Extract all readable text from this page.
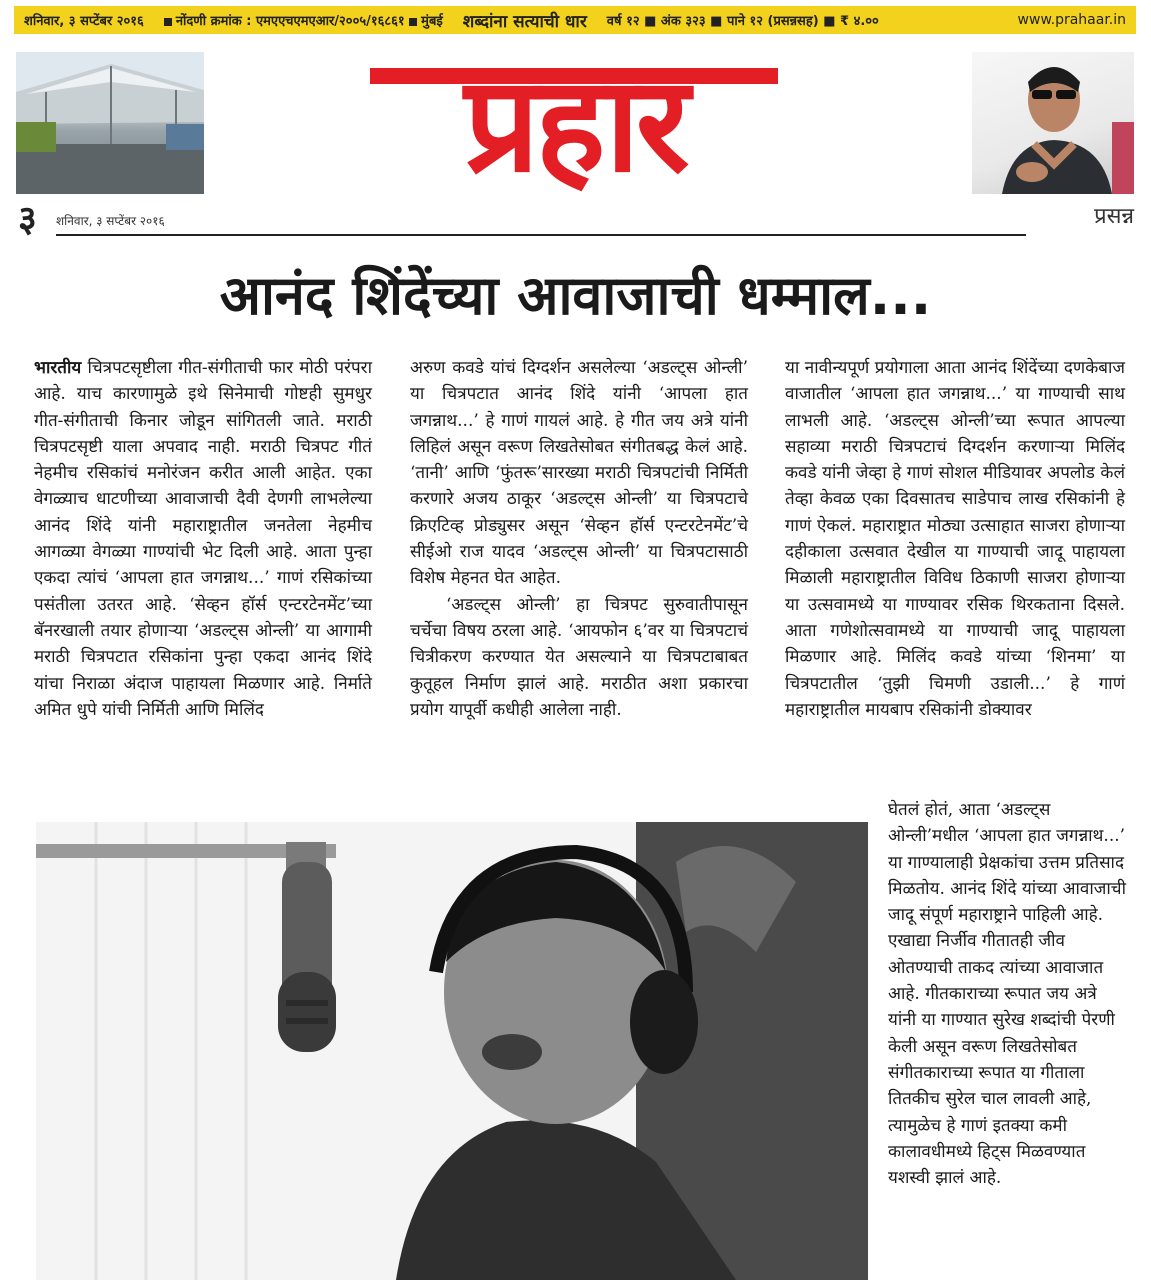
शनिवार, ३ सप्टेंबर २०१६	नोंदणी क्रमांक : एमएएचएमएआर/२००५/१६८६१ मुंबई	शब्दांना सत्याची धार	वर्ष १२ ■ अंक ३२३ ■ पाने १२ (प्रसन्नसह) ■ ₹ ४.००	www.prahaar.in
प्रहार
३	शनिवार, ३ सप्टेंबर २०१६	प्रसन्न
आनंद शिंदेंच्या आवाजाची धम्माल...

भारतीय चित्रपटसृष्टीला गीत-संगीताची फार मोठी परंपरा आहे. याच कारणामुळे इथे सिनेमाची गोष्टही सुमधुर गीत-संगीताची किनार जोडून सांगितली जाते. मराठी चित्रपटसृष्टी याला अपवाद नाही. मराठी चित्रपट गीतं नेहमीच रसिकांचं मनोरंजन करीत आली आहेत. एका वेगळ्याच धाटणीच्या आवाजाची दैवी देणगी लाभलेल्या आनंद शिंदे यांनी महाराष्ट्रातील जनतेला नेहमीच आगळ्या वेगळ्या गाण्यांची भेट दिली आहे. आता पुन्हा एकदा त्यांचं ‘आपला हात जगन्नाथ...’ गाणं रसिकांच्या पसंतीला उतरत आहे. ‘सेव्हन हॉर्स एन्टरटेनमेंट’च्या बॅनरखाली तयार होणाऱ्या ‘अडल्ट्स ओन्ली’ या आगामी मराठी चित्रपटात रसिकांना पुन्हा एकदा आनंद शिंदे यांचा निराळा अंदाज पाहायला मिळणार आहे. निर्माते अमित धुपे यांची निर्मिती आणि मिलिंद

अरुण कवडे यांचं दिग्दर्शन असलेल्या ‘अडल्ट्स ओन्ली’ या चित्रपटात आनंद शिंदे यांनी ‘आपला हात जगन्नाथ...’ हे गाणं गायलं आहे. हे गीत जय अत्रे यांनी लिहिलं असून वरूण लिखतेसोबत संगीतबद्ध केलं आहे. ‘तानी’ आणि ‘फुंतरू’सारख्या मराठी चित्रपटांची निर्मिती करणारे अजय ठाकूर ‘अडल्ट्स ओन्ली’ या चित्रपटाचे क्रिएटिव्ह प्रोड्युसर असून ‘सेव्हन हॉर्स एन्टरटेनमेंट’चे सीईओ राज यादव ‘अडल्ट्स ओन्ली’ या चित्रपटासाठी विशेष मेहनत घेत आहेत.

‘अडल्ट्स ओन्ली’ हा चित्रपट सुरुवातीपासून चर्चेचा विषय ठरला आहे. ‘आयफोन ६’वर या चित्रपटाचं चित्रीकरण करण्यात येत असल्याने या चित्रपटाबाबत कुतूहल निर्माण झालं आहे. मराठीत अशा प्रकारचा प्रयोग यापूर्वी कधीही आलेला नाही.

या नावीन्यपूर्ण प्रयोगाला आता आनंद शिंदेंच्या दणकेबाज वाजातील ‘आपला हात जगन्नाथ...’ या गाण्याची साथ लाभली आहे. ‘अडल्ट्स ओन्ली’च्या रूपात आपल्या सहाव्या मराठी चित्रपटाचं दिग्दर्शन करणाऱ्या मिलिंद कवडे यांनी जेव्हा हे गाणं सोशल मीडियावर अपलोड केलं तेव्हा केवळ एका दिवसातच साडेपाच लाख रसिकांनी हे गाणं ऐकलं. महाराष्ट्रात मोठ्या उत्साहात साजरा होणाऱ्या दहीकाला उत्सवात देखील या गाण्याची जादू पाहायला मिळाली महाराष्ट्रातील विविध ठिकाणी साजरा होणाऱ्या या उत्सवामध्ये या गाण्यावर रसिक थिरकताना दिसले. आता गणेशोत्सवामध्ये या गाण्याची जादू पाहायला मिळणार आहे. मिलिंद कवडे यांच्या ‘शिनमा’ या चित्रपटातील ‘तुझी चिमणी उडाली...’ हे गाणं महाराष्ट्रातील मायबाप रसिकांनी डोक्यावर

घेतलं होतं, आता ‘अडल्ट्स ओन्ली’मधील ‘आपला हात जगन्नाथ...’ या गाण्यालाही प्रेक्षकांचा उत्तम प्रतिसाद मिळतोय. आनंद शिंदे यांच्या आवाजाची जादू संपूर्ण महाराष्ट्राने पाहिली आहे. एखाद्या निर्जीव गीतातही जीव ओतण्याची ताकद त्यांच्या आवाजात आहे. गीतकाराच्या रूपात जय अत्रे यांनी या गाण्यात सुरेख शब्दांची पेरणी केली असून वरूण लिखतेसोबत संगीतकाराच्या रूपात या गीताला तितकीच सुरेल चाल लावली आहे, त्यामुळेच हे गाणं इतक्या कमी कालावधीमध्ये हिट्स मिळवण्यात यशस्वी झालं आहे.
